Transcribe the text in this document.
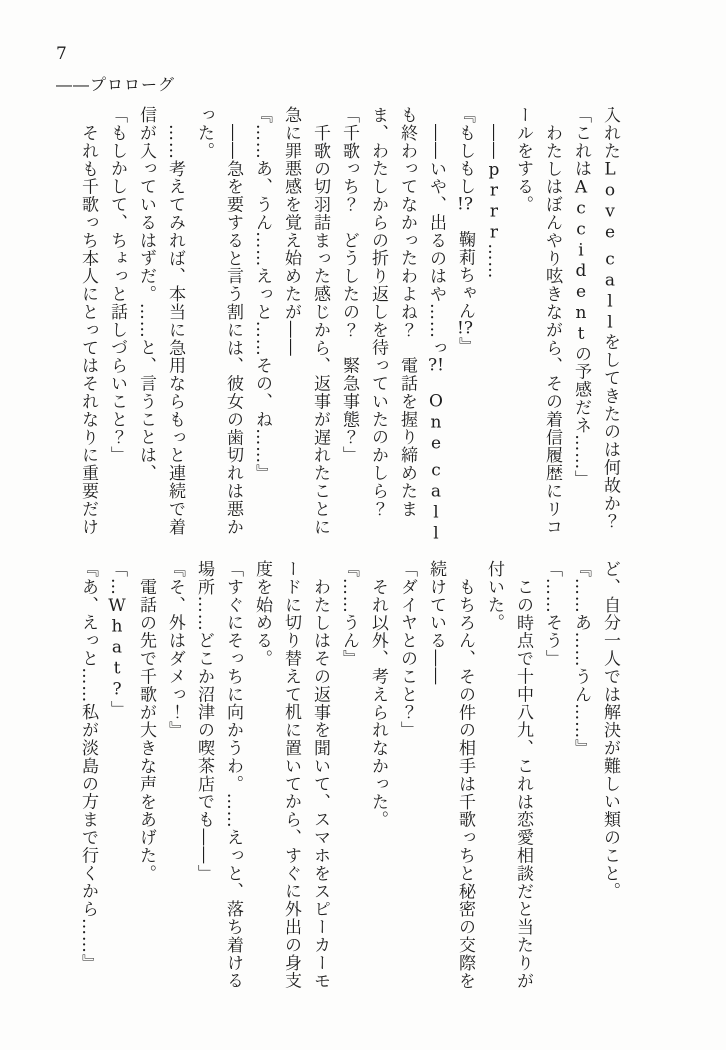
7
――プロローグ

入れたLove callをしてきたのは何故か？

「これはAccidentの予感だネ……」

わたしはぼんやり呟きながら、その着信履歴にリコ

ールをする。

――prrr……

『もしもし!?　鞠莉ちゃん!?』

――いや、出るのはや……っ?!　One call

も終わってなかったわよね？　電話を握り締めたま

ま、わたしからの折り返しを待っていたのかしら？

「千歌っち？　どうしたの？　緊急事態？」

千歌の切羽詰まった感じから、返事が遅れたことに

急に罪悪感を覚え始めたが――

『……あ、うん……えっと……その、ね……』

――急を要すると言う割には、彼女の歯切れは悪か

った。

……考えてみれば、本当に急用ならもっと連続で着

信が入っているはずだ。……と、言うことは、

「もしかして、ちょっと話しづらいこと？」

それも千歌っち本人にとってはそれなりに重要だけ

ど、自分一人では解決が難しい類のこと。

『……あ……うん……』

「……そう」

この時点で十中八九、これは恋愛相談だと当たりが

付いた。

もちろん、その件の相手は千歌っちと秘密の交際を

続けている――

「ダイヤとのこと？」

それ以外、考えられなかった。

『……うん』

わたしはその返事を聞いて、スマホをスピーカーモ

ードに切り替えて机に置いてから、すぐに外出の身支

度を始める。

「すぐにそっちに向かうわ。……えっと、落ち着ける

場所……どこか沼津の喫茶店でも――」

『そ、外はダメっ！』

電話の先で千歌が大きな声をあげた。

「…What?」

『あ、えっと……私が淡島の方まで行くから……』
